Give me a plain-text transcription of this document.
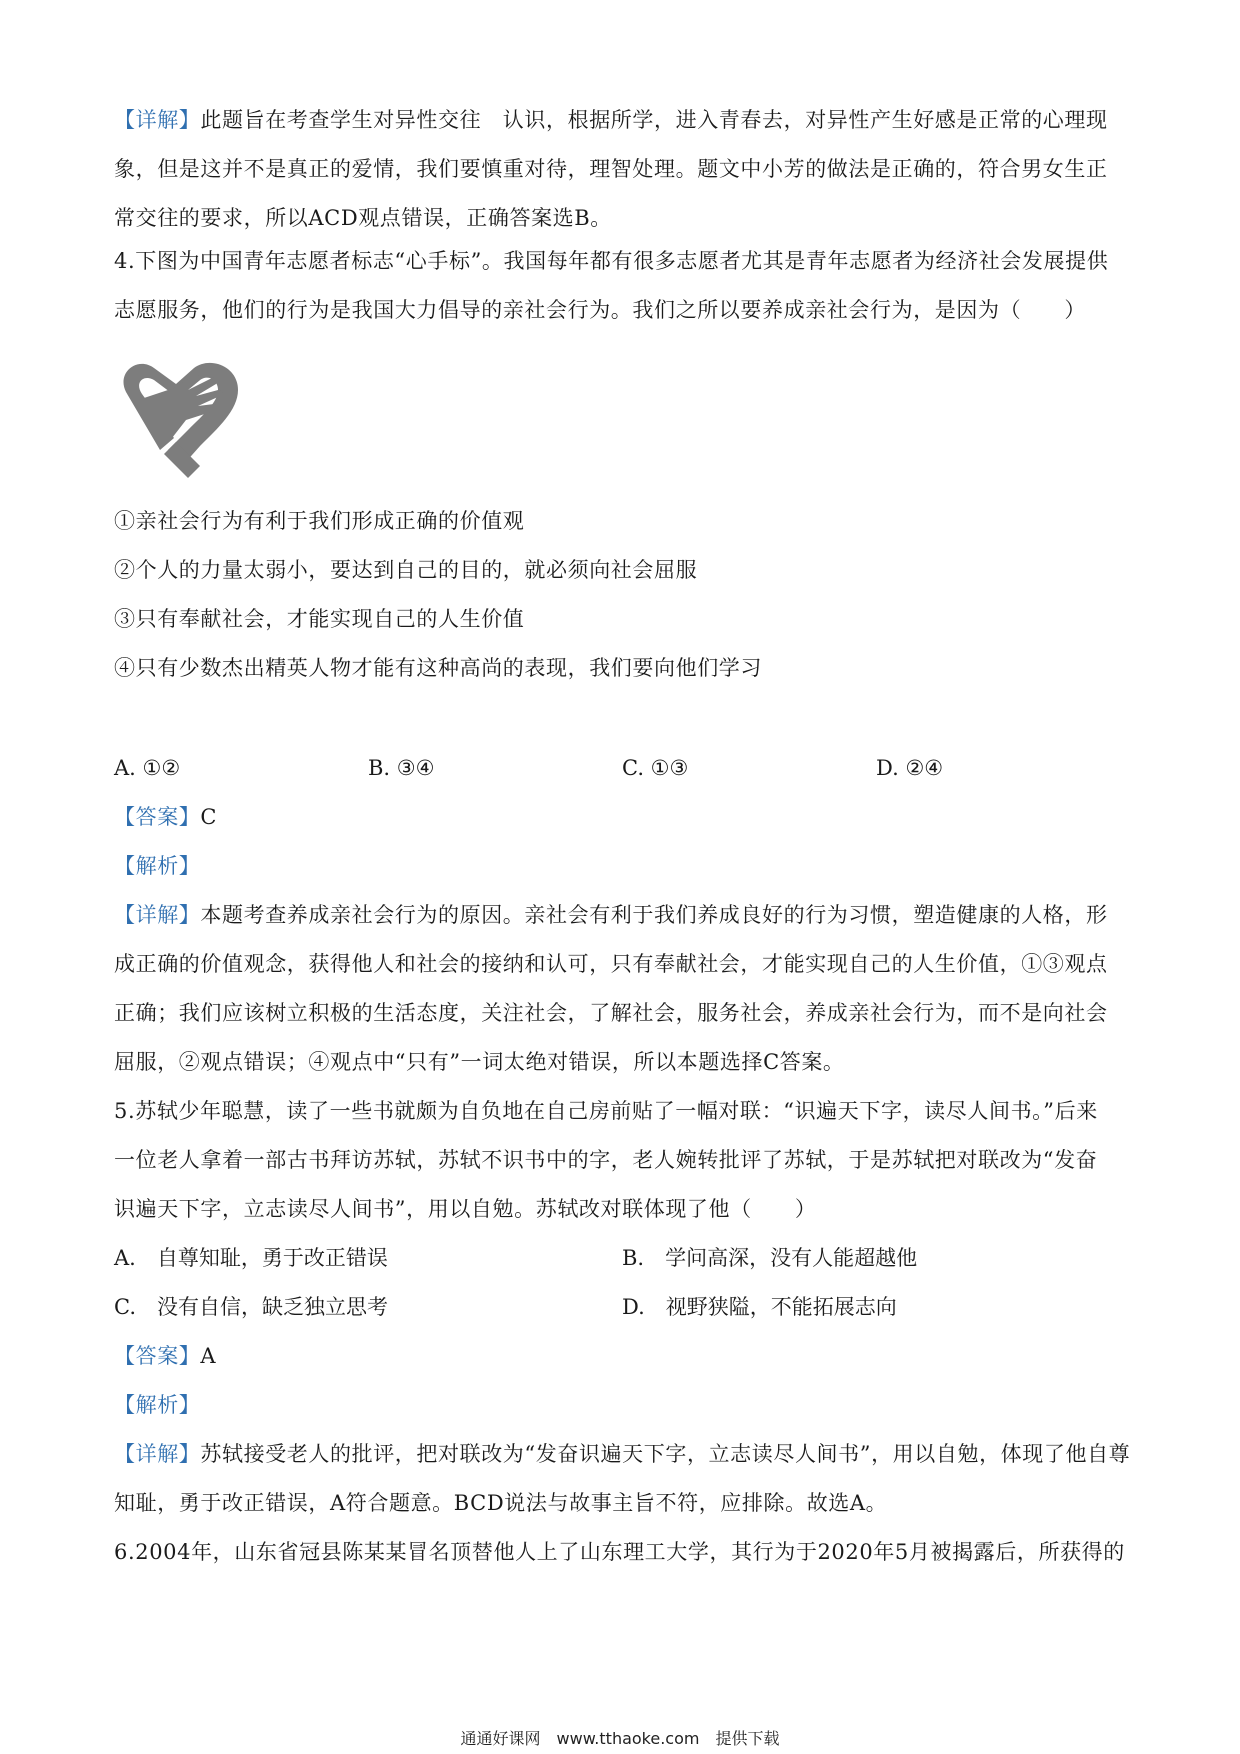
【详解】此题旨在考查学生对异性交往　认识，根据所学，进入青春去，对异性产生好感是正常的心理现
象，但是这并不是真正的爱情，我们要慎重对待，理智处理。题文中小芳的做法是正确的，符合男女生正
常交往的要求，所以ACD观点错误，正确答案选B。
4.下图为中国青年志愿者标志“心手标”。我国每年都有很多志愿者尤其是青年志愿者为经济社会发展提供
志愿服务，他们的行为是我国大力倡导的亲社会行为。我们之所以要养成亲社会行为，是因为（　　）
①亲社会行为有利于我们形成正确的价值观
②个人的力量太弱小，要达到自己的目的，就必须向社会屈服
③只有奉献社会，才能实现自己的人生价值
④只有少数杰出精英人物才能有这种高尚的表现，我们要向他们学习
A. ①②	B. ③④	C. ①③	D. ②④
【答案】C
【解析】
【详解】本题考查养成亲社会行为的原因。亲社会有利于我们养成良好的行为习惯，塑造健康的人格，形
成正确的价值观念，获得他人和社会的接纳和认可，只有奉献社会，才能实现自己的人生价值，①③观点
正确；我们应该树立积极的生活态度，关注社会，了解社会，服务社会，养成亲社会行为，而不是向社会
屈服，②观点错误；④观点中“只有”一词太绝对错误，所以本题选择C答案。
5.苏轼少年聪慧，读了一些书就颇为自负地在自己房前贴了一幅对联：“识遍天下字，读尽人间书。”后来
一位老人拿着一部古书拜访苏轼，苏轼不识书中的字，老人婉转批评了苏轼，于是苏轼把对联改为“发奋
识遍天下字，立志读尽人间书”，用以自勉。苏轼改对联体现了他（　　）
A.　自尊知耻，勇于改正错误	B.　学问高深，没有人能超越他
C.　没有自信，缺乏独立思考	D.　视野狭隘，不能拓展志向
【答案】A
【解析】
【详解】苏轼接受老人的批评，把对联改为“发奋识遍天下字，立志读尽人间书”，用以自勉，体现了他自尊
知耻，勇于改正错误，A符合题意。BCD说法与故事主旨不符，应排除。故选A。
6.2004年，山东省冠县陈某某冒名顶替他人上了山东理工大学，其行为于2020年5月被揭露后，所获得的
通通好课网　www.tthaoke.com　提供下载
